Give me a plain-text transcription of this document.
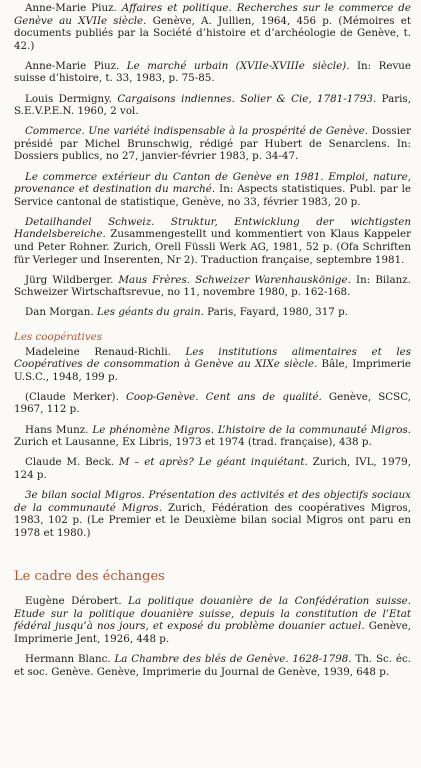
Anne-Marie Piuz. Affaires et politique. Recherches sur le commerce de Genève au XVIIe siècle. Genève, A. Jullien, 1964, 456 p. (Mémoires et documents publiés par la Société d’histoire et d’archéologie de Genève, t. 42.)

Anne-Marie Piuz. Le marché urbain (XVIIe-XVIIIe siècle). In: Revue suisse d’histoire, t. 33, 1983, p. 75-85.

Louis Dermigny. Cargaisons indiennes. Solier & Cie, 1781-1793. Paris, S.E.V.P.E.N. 1960, 2 vol.

Commerce. Une variété indispensable à la prospérité de Genève. Dossier présidé par Michel Brunschwig, rédigé par Hubert de Senarclens. In: Dossiers publics, no 27, janvier-février 1983, p. 34-47.

Le commerce extérieur du Canton de Genève en 1981. Emploi, nature, provenance et destination du marché. In: Aspects statistiques. Publ. par le Service cantonal de statistique, Genève, no 33, février 1983, 20 p.

Detailhandel Schweiz. Struktur, Entwicklung der wichtigsten Handelsbereiche. Zusammengestellt und kommentiert von Klaus Kappeler und Peter Rohner. Zurich, Orell Füssli Werk AG, 1981, 52 p. (Ofa Schriften für Verleger und Inserenten, Nr 2). Traduction française, septembre 1981.

Jürg Wildberger. Maus Frères. Schweizer Warenhauskönige. In: Bilanz. Schweizer Wirtschaftsrevue, no 11, novembre 1980, p. 162-168.

Dan Morgan. Les géants du grain. Paris, Fayard, 1980, 317 p.

Les coopératives

Madeleine Renaud-Richli. Les institutions alimentaires et les Coopératives de consommation à Genève au XIXe siècle. Bâle, Imprimerie U.S.C., 1948, 199 p.

(Claude Merker). Coop-Genève. Cent ans de qualité. Genève, SCSC, 1967, 112 p.

Hans Munz. Le phénomène Migros. L’histoire de la communauté Migros. Zurich et Lausanne, Ex Libris, 1973 et 1974 (trad. française), 438 p.

Claude M. Beck. M – et après? Le géant inquiétant. Zurich, IVL, 1979, 124 p.

3e bilan social Migros. Présentation des activités et des objectifs sociaux de la communauté Migros. Zurich, Fédération des coopératives Migros, 1983, 102 p. (Le Premier et le Deuxième bilan social Migros ont paru en 1978 et 1980.)

Le cadre des échanges

Eugène Dérobert. La politique douanière de la Confédération suisse. Etude sur la politique douanière suisse, depuis la constitution de l’Etat fédéral jusqu’à nos jours, et exposé du problème douanier actuel. Genève, Imprimerie Jent, 1926, 448 p.

Hermann Blanc. La Chambre des blés de Genève. 1628-1798. Th. Sc. éc. et soc. Genève. Genève, Imprimerie du Journal de Genève, 1939, 648 p.
